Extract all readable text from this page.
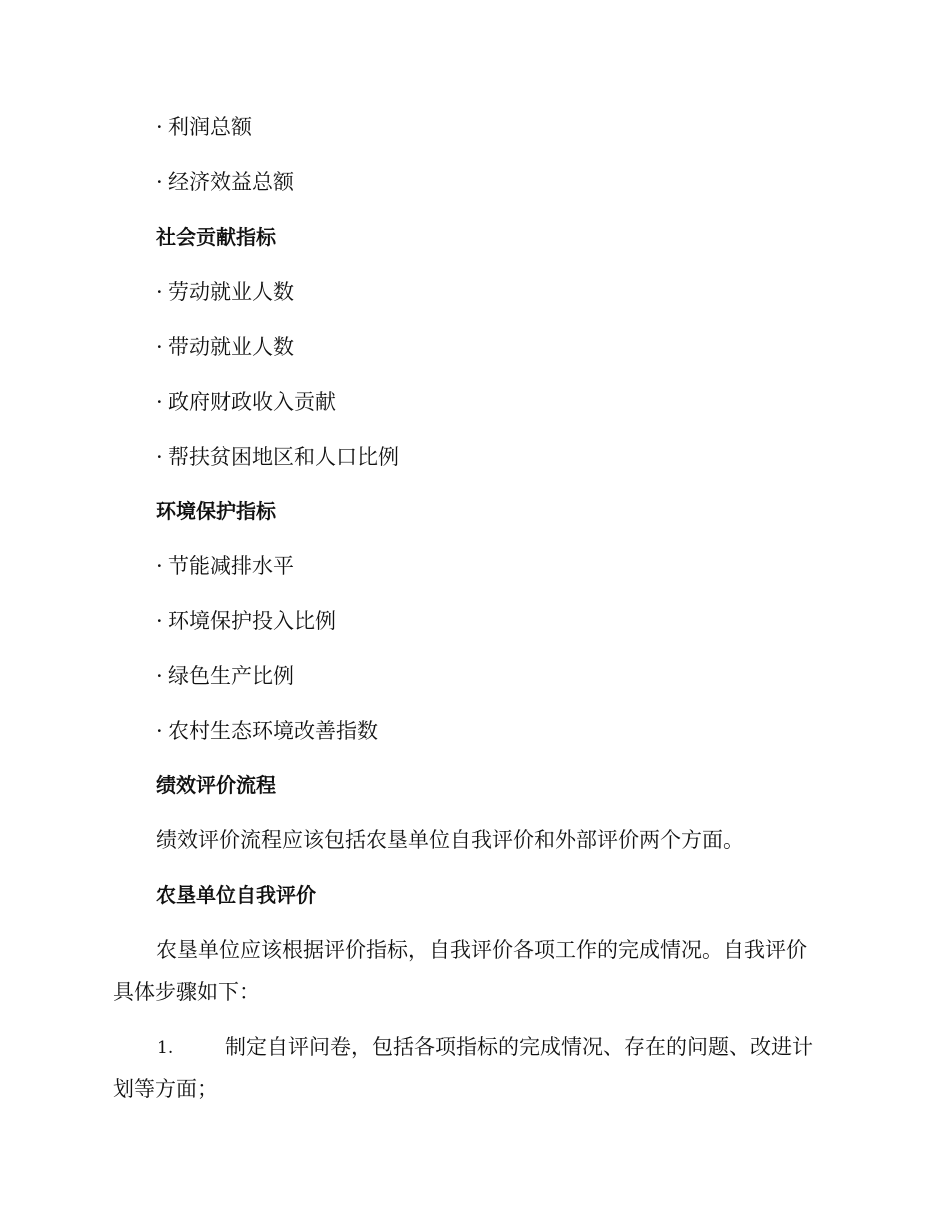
· 利润总额
· 经济效益总额
社会贡献指标
· 劳动就业人数
· 带动就业人数
· 政府财政收入贡献
· 帮扶贫困地区和人口比例
环境保护指标
· 节能减排水平
· 环境保护投入比例
· 绿色生产比例
· 农村生态环境改善指数
绩效评价流程
绩效评价流程应该包括农垦单位自我评价和外部评价两个方面。
农垦单位自我评价
农垦单位应该根据评价指标，自我评价各项工作的完成情况。自我评价
具体步骤如下：
1. 制定自评问卷，包括各项指标的完成情况、存在的问题、改进计
划等方面；
